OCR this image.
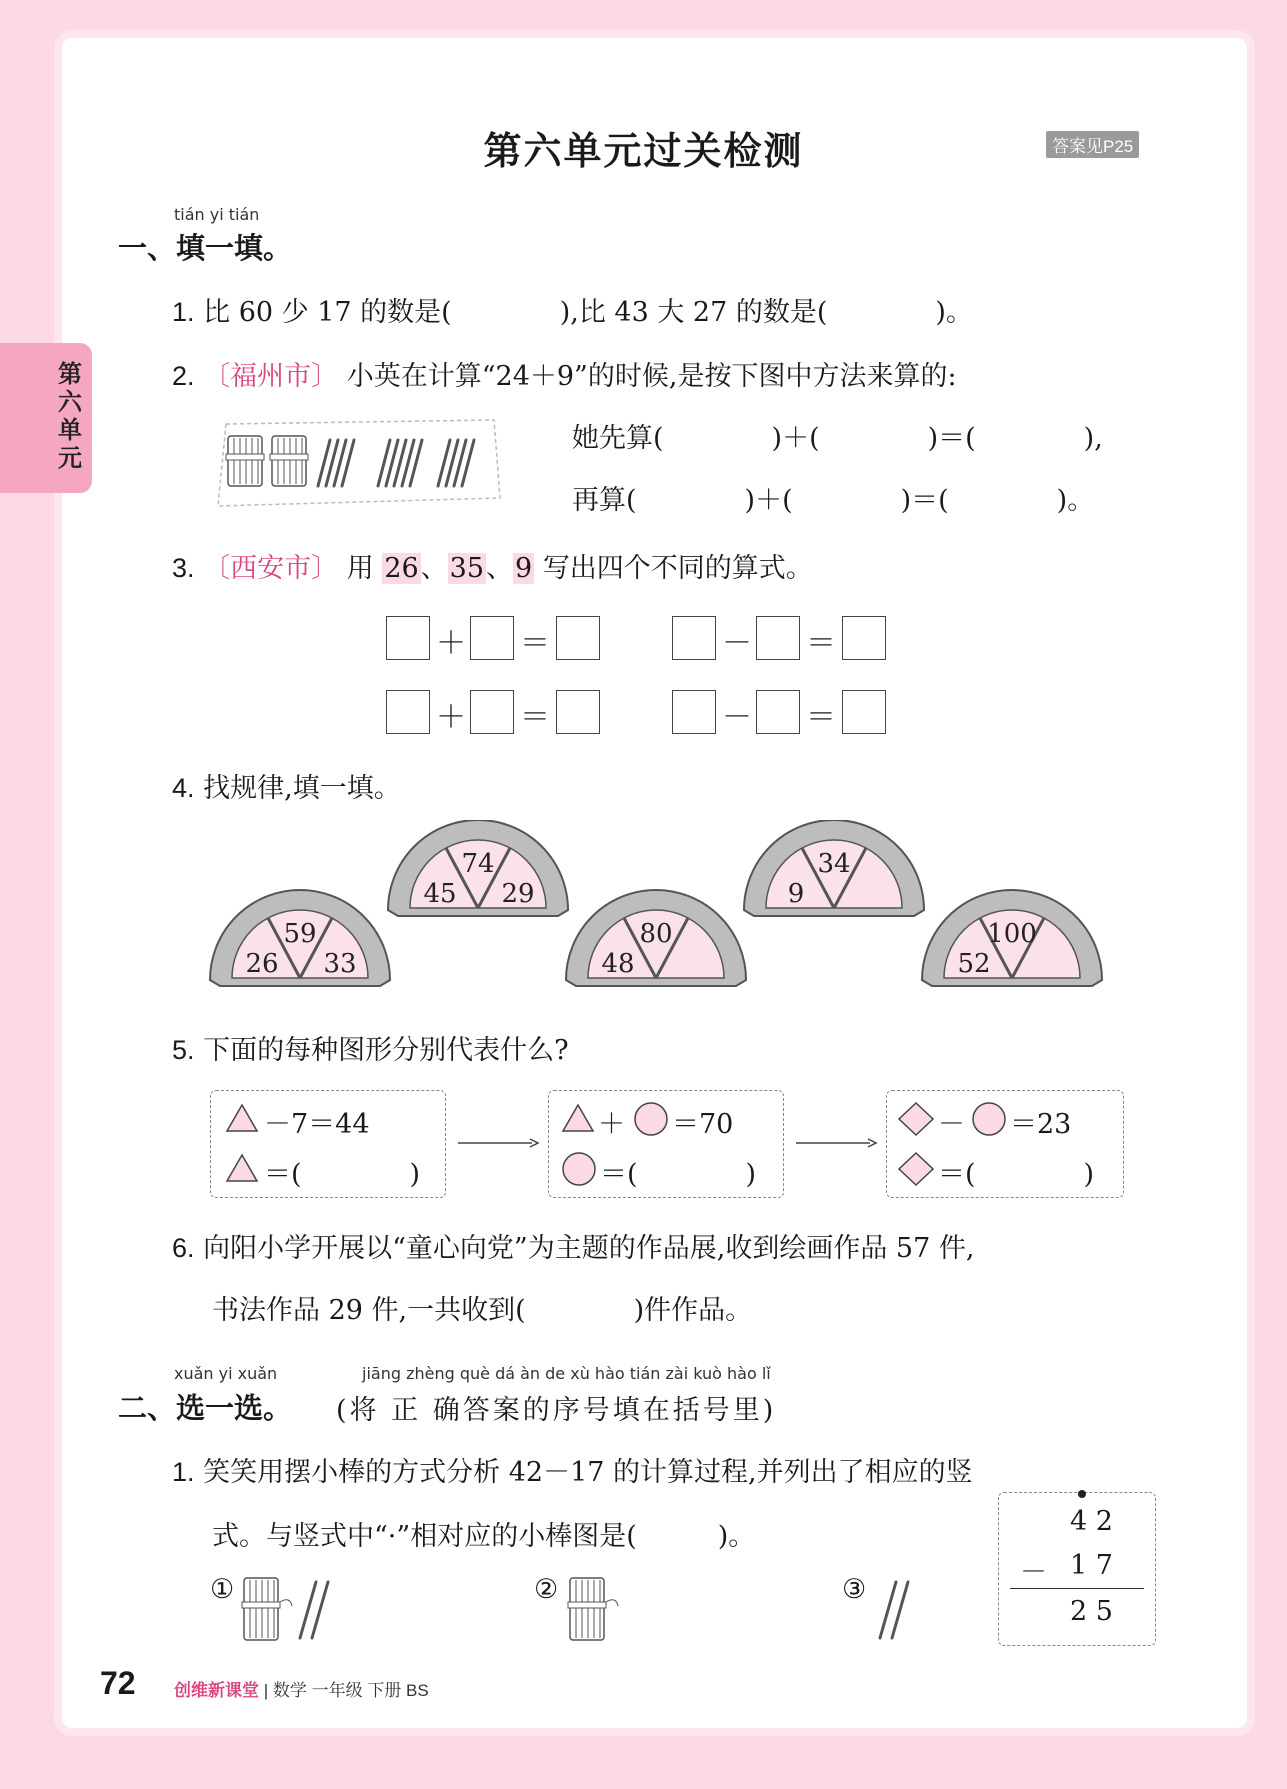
第六单元过关检测	答案见P25
第六单元
tián yi tián
一、填一填。
1. 比 60 少 17 的数是(　　　　),比 43 大 27 的数是(　　　　)。
2. 〔福州市〕 小英在计算“24＋9”的时候,是按下图中方法来算的:
她先算(　　　　)＋(　　　　)＝(　　　　),
再算(　　　　)＋(　　　　)＝(　　　　)。
3. 〔西安市〕 用 26、35、9 写出四个不同的算式。
＋ ＝	－ ＝
＋ ＝	－ ＝
4. 找规律,填一填。
59
26 33
74
45 29
80
48
34
9
100
52
5. 下面的每种图形分别代表什么?
－7＝44
＝(　　　　)
＋ ＝70
＝(　　　　)
－ ＝23
＝(　　　　)
6. 向阳小学开展以“童心向党”为主题的作品展,收到绘画作品 57 件,
书法作品 29 件,一共收到(　　　　)件作品。
xuǎn yi xuǎn	jiāng zhèng què dá àn de xù hào tián zài kuò hào lǐ
二、选一选。 (将 正 确答案的序号填在括号里)
1. 笑笑用摆小棒的方式分析 42－17 的计算过程,并列出了相应的竖
式。与竖式中“·”相对应的小棒图是(　　　)。
①	②	③
4 2
－ 1 7
2 5
72 创维新课堂 | 数学 一年级 下册 BS
